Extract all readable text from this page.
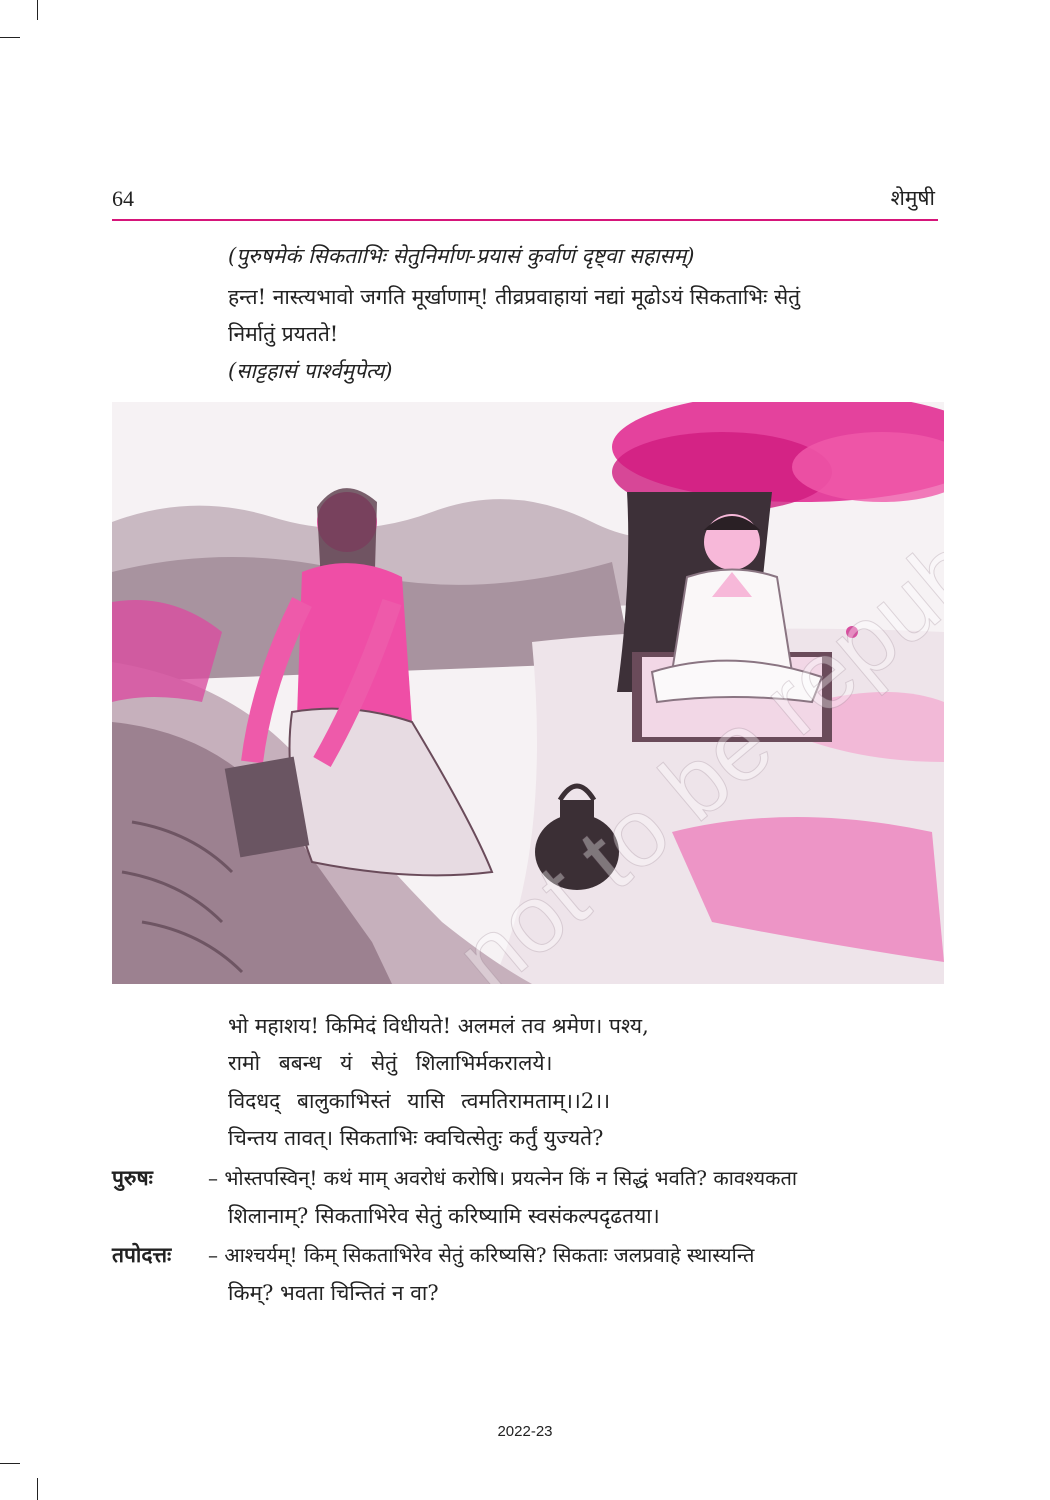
64	शेमुषी
(पुरुषमेकं सिकताभिः सेतुनिर्माण-प्रयासं कुर्वाणं दृष्ट्वा सहासम्)
हन्त! नास्त्यभावो जगति मूर्खाणाम्! तीव्रप्रवाहायां नद्यां मूढोऽयं सिकताभिः सेतुं
निर्मातुं प्रयतते!
(साट्टहासं पार्श्वमुपेत्य)
not to be
भो महाशय! किमिदं विधीयते! अलमलं तव श्रमेण। पश्य,
रामो बबन्ध यं सेतुं शिलाभिर्मकरालये।
विदधद् बालुकाभिस्तं यासि त्वमतिरामताम्।।2।।
चिन्तय तावत्। सिकताभिः क्वचित्सेतुः कर्तुं युज्यते?
पुरुषः	– भोस्तपस्विन्! कथं माम् अवरोधं करोषि। प्रयत्नेन किं न सिद्धं भवति? कावश्यकता
शिलानाम्? सिकताभिरेव सेतुं करिष्यामि स्वसंकल्पदृढतया।
तपोदत्तः – आश्चर्यम्! किम् सिकताभिरेव सेतुं करिष्यसि? सिकताः जलप्रवाहे स्थास्यन्ति
किम्? भवता चिन्तितं न वा?
2022-23
